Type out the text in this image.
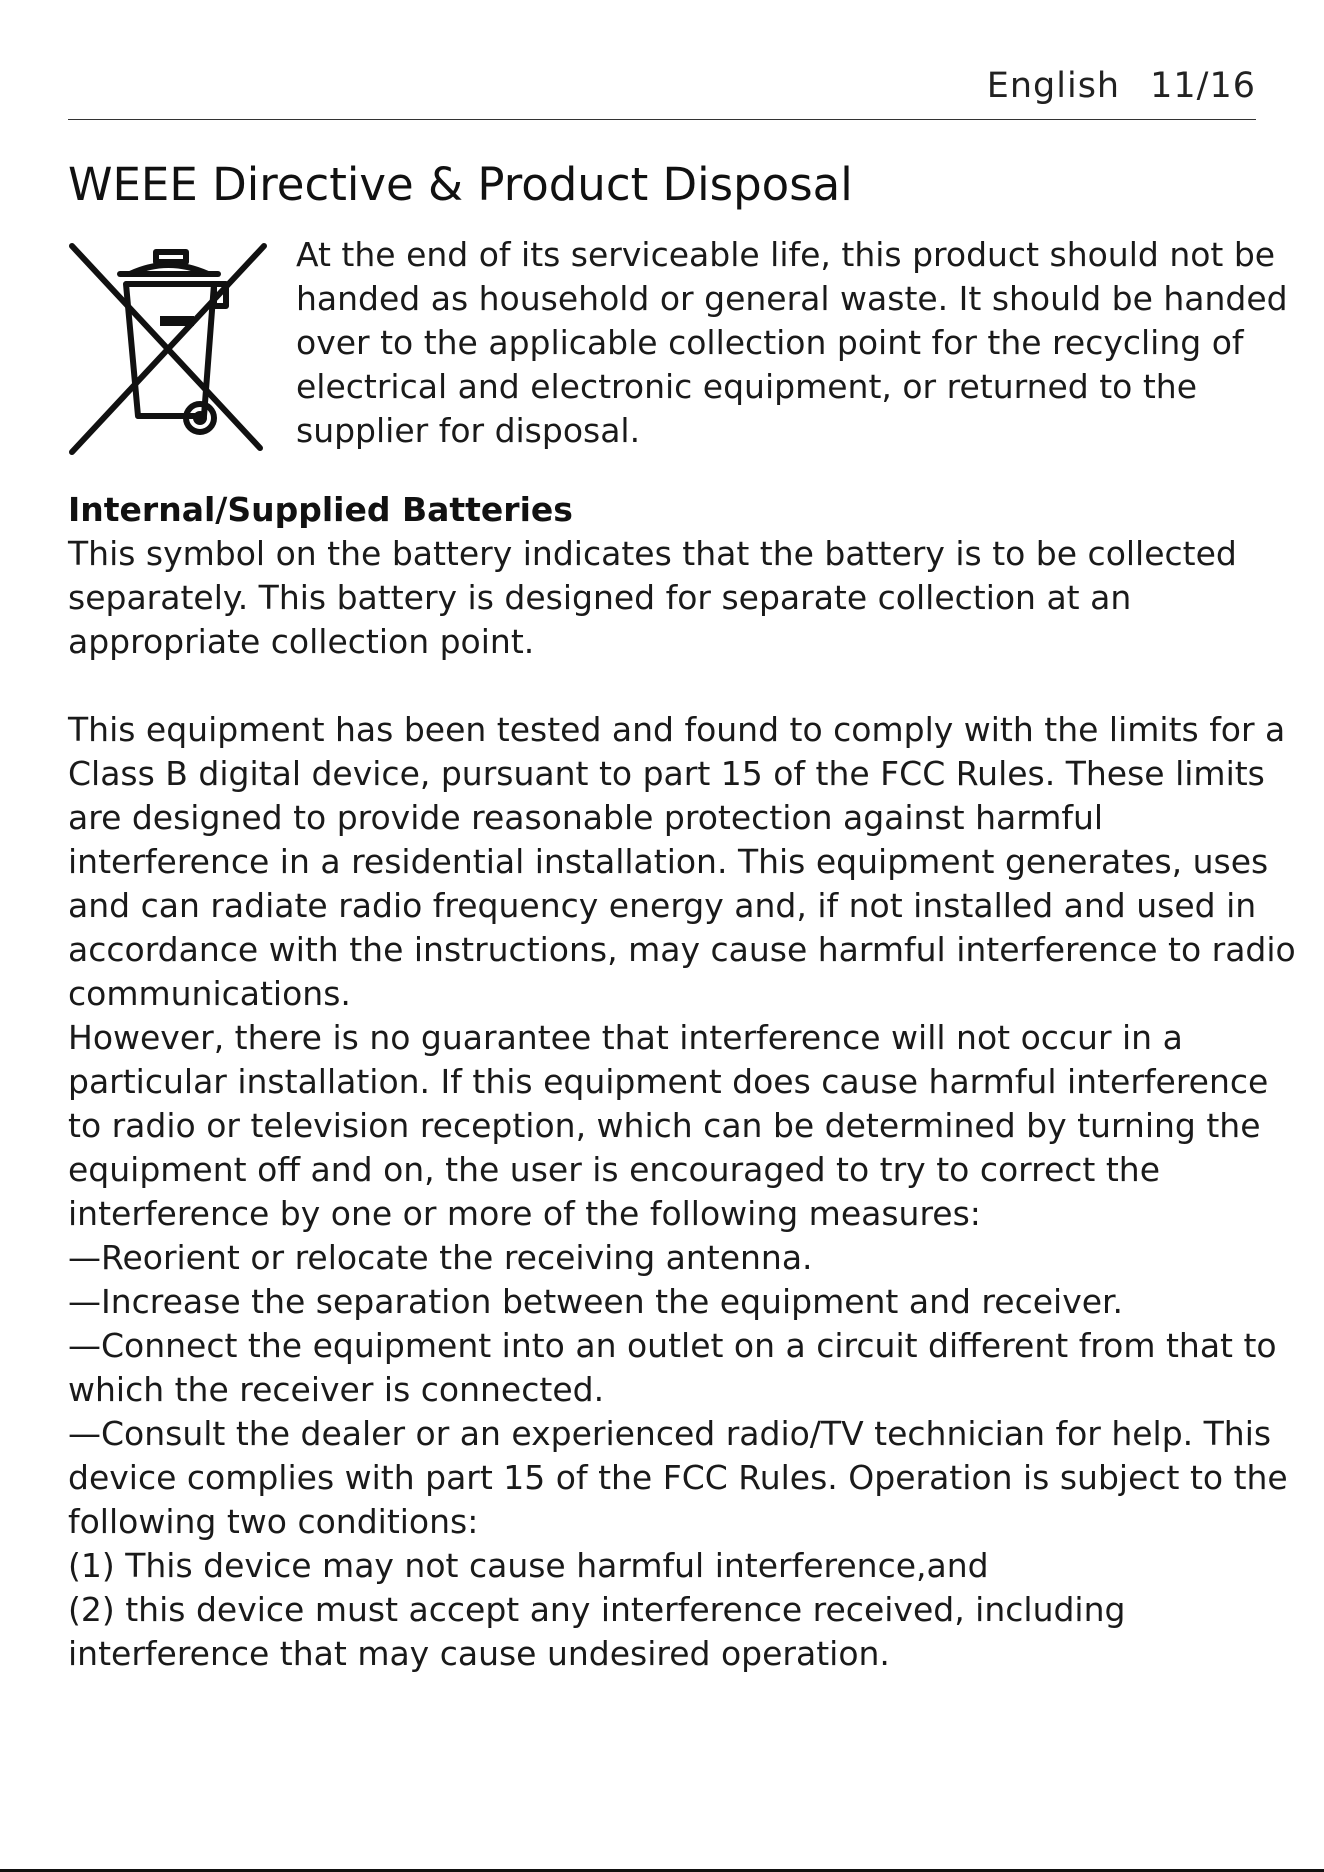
English 11/16
WEEE Directive & Product Disposal

At the end of its serviceable life, this product should not be
handed as household or general waste. It should be handed
over to the applicable collection point for the recycling of
electrical and electronic equipment, or returned to the
supplier for disposal.

Internal/Supplied Batteries

This symbol on the battery indicates that the battery is to be collected
separately. This battery is designed for separate collection at an
appropriate collection point.

This equipment has been tested and found to comply with the limits for a
Class B digital device, pursuant to part 15 of the FCC Rules. These limits
are designed to provide reasonable protection against harmful
interference in a residential installation. This equipment generates, uses
and can radiate radio frequency energy and, if not installed and used in
accordance with the instructions, may cause harmful interference to radio
communications.
However, there is no guarantee that interference will not occur in a
particular installation. If this equipment does cause harmful interference
to radio or television reception, which can be determined by turning the
equipment off and on, the user is encouraged to try to correct the
interference by one or more of the following measures:
—Reorient or relocate the receiving antenna.
—Increase the separation between the equipment and receiver.
—Connect the equipment into an outlet on a circuit different from that to
which the receiver is connected.
—Consult the dealer or an experienced radio/TV technician for help. This
device complies with part 15 of the FCC Rules. Operation is subject to the
following two conditions:
(1) This device may not cause harmful interference,and
(2) this device must accept any interference received, including
interference that may cause undesired operation.
